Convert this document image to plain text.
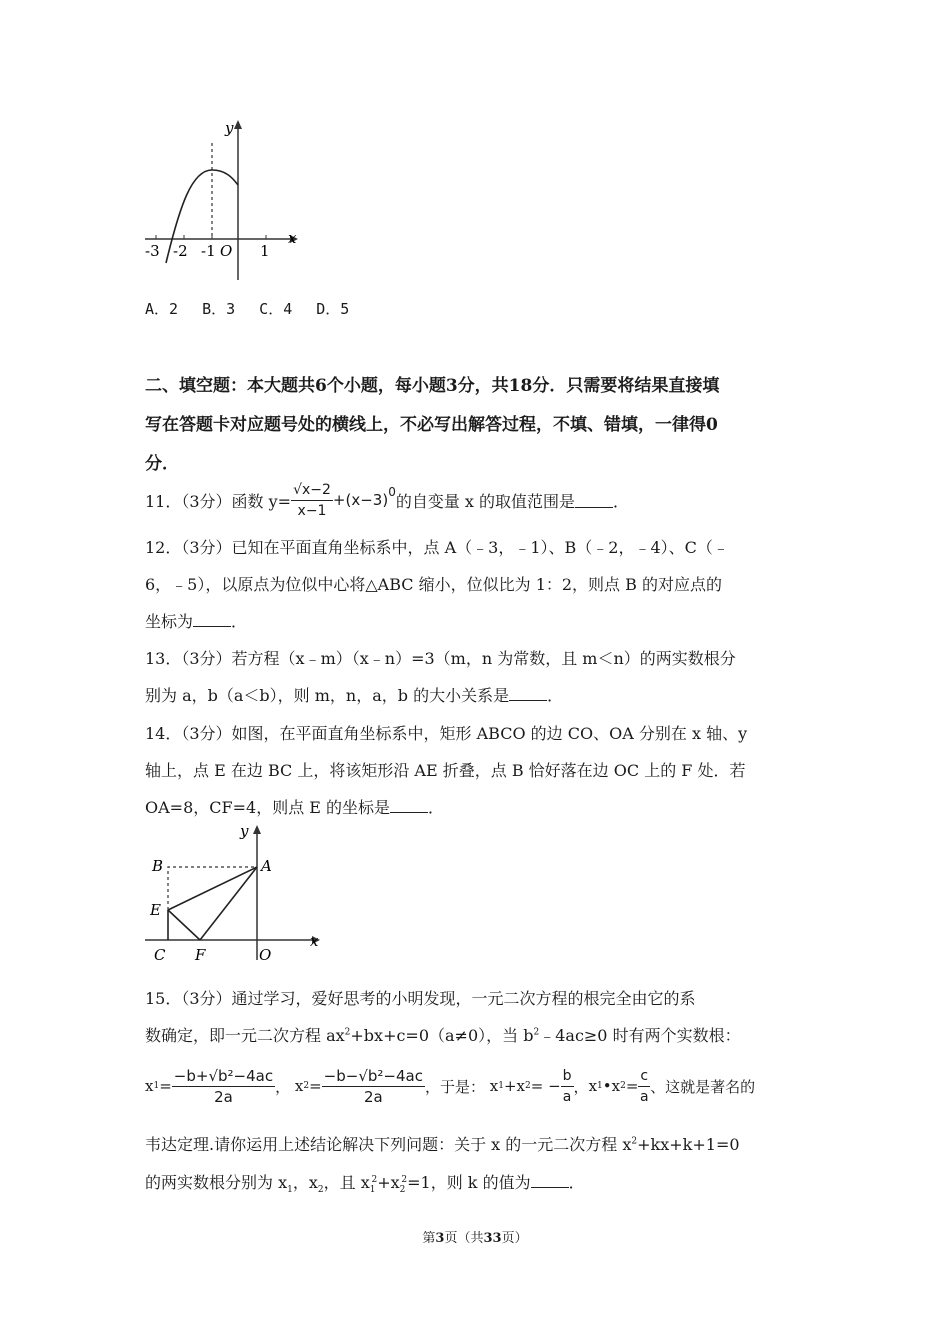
y
x
-3 -2 -1 O 1
A．2 　B．3 　C．4 　D．5
二、填空题：本大题共6个小题，每小题3分，共18分．只需要将结果直接填
写在答题卡对应题号处的横线上，不必写出解答过程，不填、错填，一律得0
分．
11．（3分）函数 $y= \frac{√x-2}{x-1} +(x-3)^0$ 的自变量 x 的取值范围是 ．
12．（3分）已知在平面直角坐标系中，点 A（﹣3，﹣1）、B（﹣2，﹣4）、C（﹣
6，﹣5），以原点为位似中心将△ABC 缩小，位似比为 1：2，则点 B 的对应点的
坐标为 ．
13．（3分）若方程（x﹣m）（x﹣n）=3（m，n 为常数，且 m＜n）的两实数根分
别为 a，b（a＜b），则 m，n，a，b 的大小关系是 ．
14．（3分）如图，在平面直角坐标系中，矩形 ABCO 的边 CO、OA 分别在 x 轴、y
轴上，点 E 在边 BC 上，将该矩形沿 AE 折叠，点 B 恰好落在边 OC 上的 F 处．若
OA=8，CF=4，则点 E 的坐标是 ．
y
B	A
E
C F	O
x
15．（3分）通过学习，爱好思考的小明发现，一元二次方程的根完全由它的系
数确定，即一元二次方程 $ax^2+bx+c=0(a\ne 0)$，当 $b^2﹣4ac\ge 0$ 时有两个实数根：
x $1 = \frac{\text{−b+√b²−4ac}}{2a}$ ， x $2 = \frac{\text{−b−√b²−4ac}}{2a}$ ，于是：
x 1 + x 2 = − $\frac{b}{a}$ ， x 1 • x $2 = \frac{c}{a}$ 、这就是著名的
韦达定理.请你运用上述结论解决下列问题：关于 x 的一元二次方程 $x^2+kx+k+1=0$
的两实数根分别为 $x_1$，$x_2$，且 $x_1^2+x_2^2=1$，则 k 的值为 ．
第3页（共33页）
